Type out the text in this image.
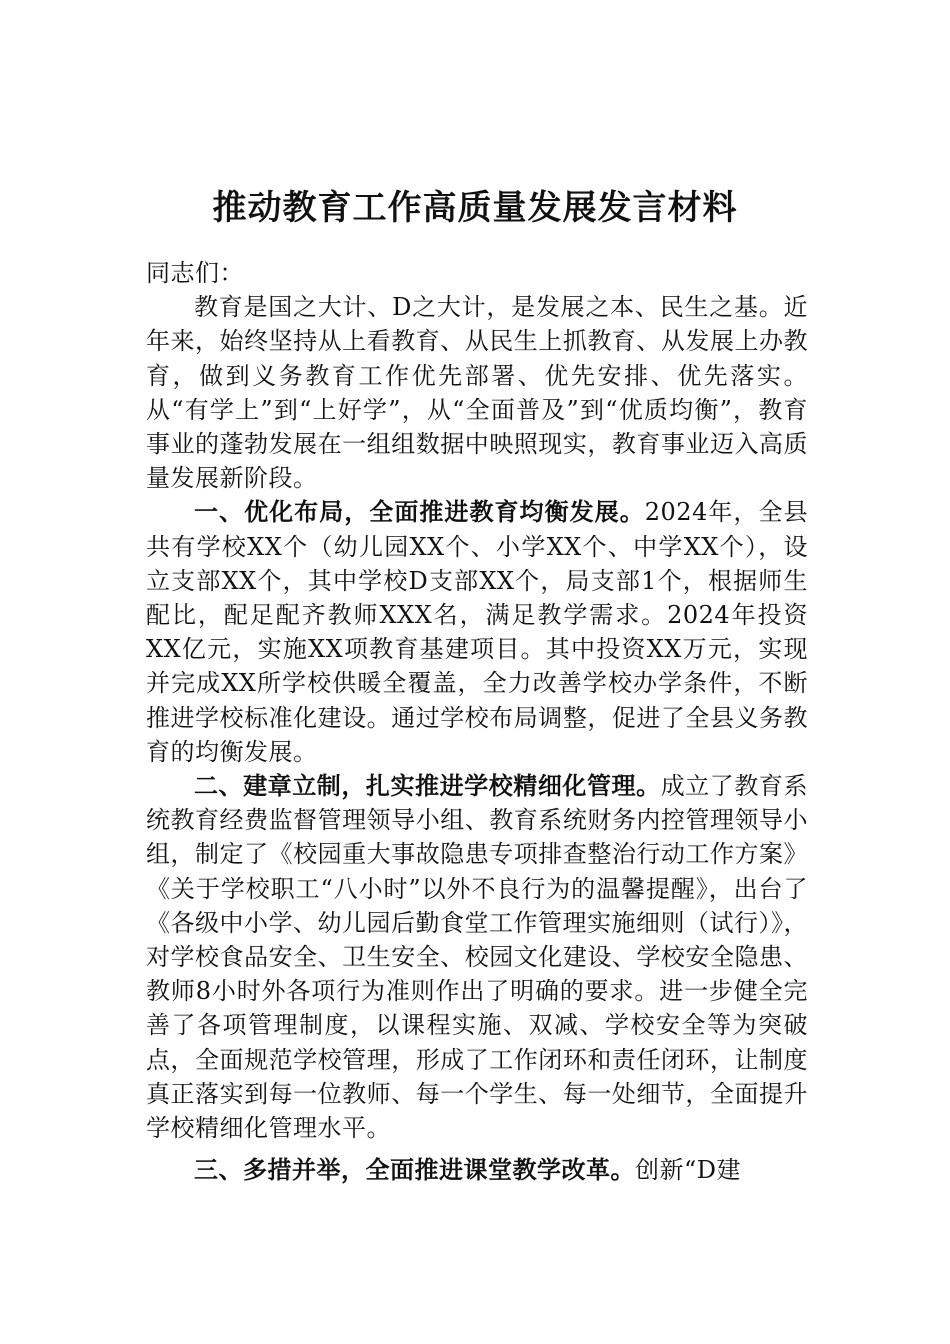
推动教育工作高质量发展发言材料

同志们：

教育是国之大计、D之大计，是发展之本、民生之基。近年来，始终坚持从上看教育、从民生上抓教育、从发展上办教育，做到义务教育工作优先部署、优先安排、优先落实。从“有学上”到“上好学”，从“全面普及”到“优质均衡”，教育事业的蓬勃发展在一组组数据中映照现实，教育事业迈入高质量发展新阶段。

一、优化布局，全面推进教育均衡发展。2024年，全县共有学校XX个（幼儿园XX个、小学XX个、中学XX个），设立支部XX个，其中学校D支部XX个，局支部1个，根据师生配比，配足配齐教师XXX名，满足教学需求。2024年投资XX亿元，实施XX项教育基建项目。其中投资XX万元，实现并完成XX所学校供暖全覆盖，全力改善学校办学条件，不断推进学校标准化建设。通过学校布局调整，促进了全县义务教育的均衡发展。

二、建章立制，扎实推进学校精细化管理。成立了教育系统教育经费监督管理领导小组、教育系统财务内控管理领导小组，制定了《校园重大事故隐患专项排查整治行动工作方案》《关于学校职工“八小时”以外不良行为的温馨提醒》，出台了《各级中小学、幼儿园后勤食堂工作管理实施细则（试行）》，对学校食品安全、卫生安全、校园文化建设、学校安全隐患、教师8小时外各项行为准则作出了明确的要求。进一步健全完善了各项管理制度，以课程实施、双减、学校安全等为突破点，全面规范学校管理，形成了工作闭环和责任闭环，让制度真正落实到每一位教师、每一个学生、每一处细节，全面提升学校精细化管理水平。

三、多措并举，全面推进课堂教学改革。创新“D建
